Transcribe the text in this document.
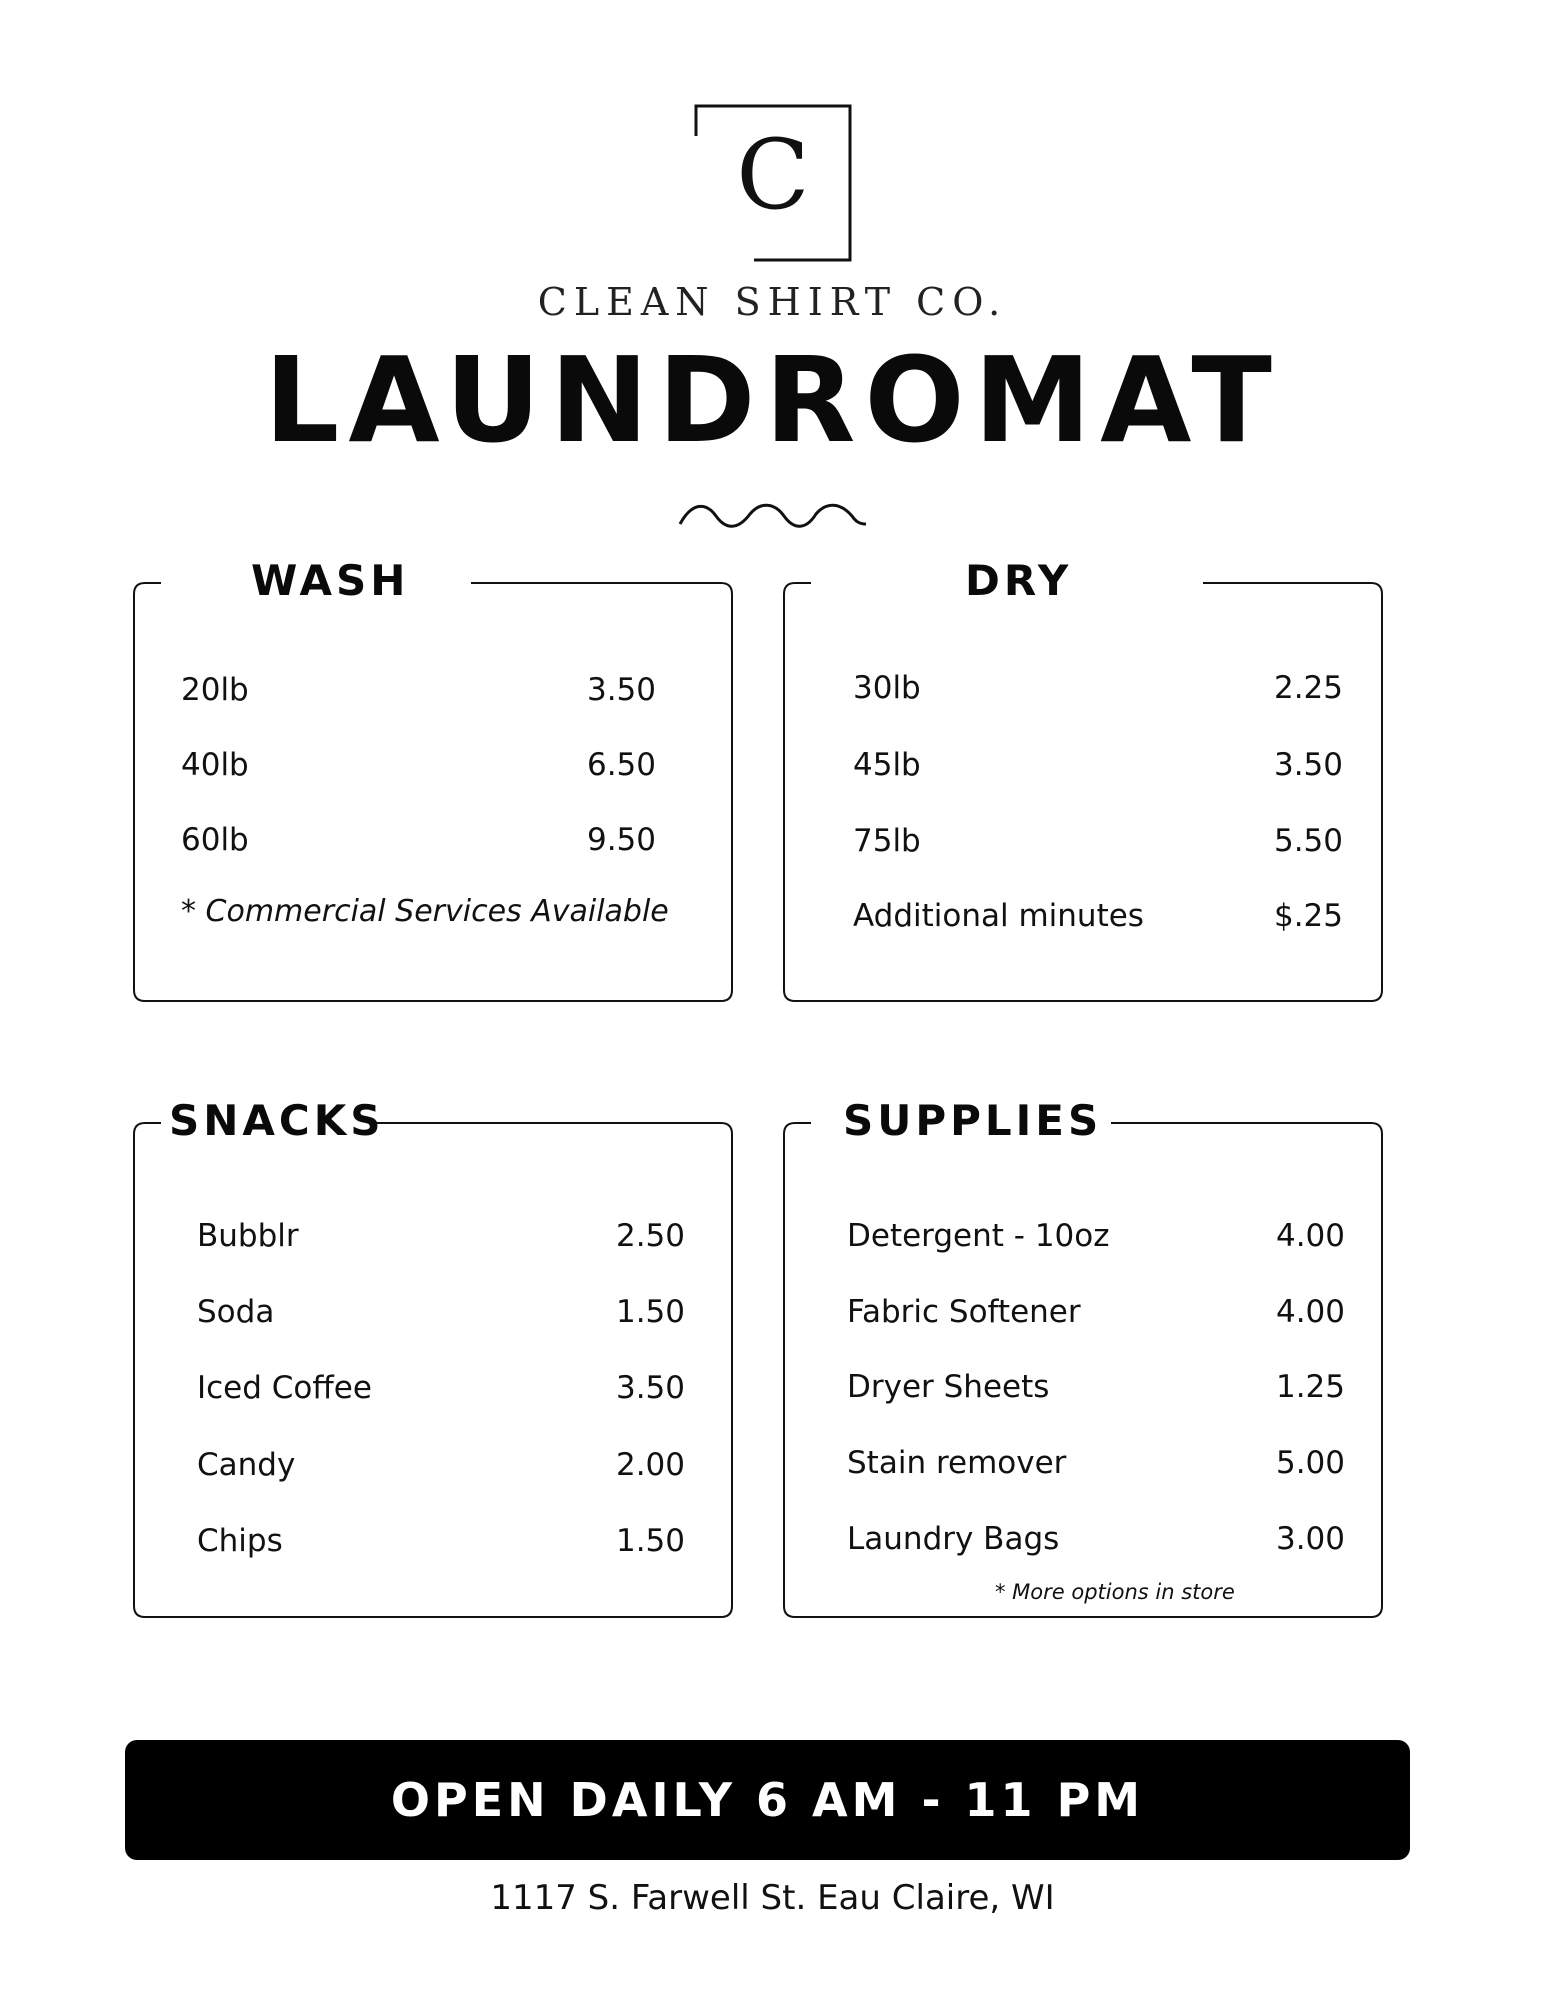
C
CLEAN SHIRT CO.
LAUNDROMAT
WASH
20lb	3.50
40lb	6.50
60lb	9.50
* Commercial Services Available
DRY
30lb	2.25
45lb	3.50
75lb	5.50
Additional minutes	$.25
SNACKS
Bubblr	2.50
Soda	1.50
Iced Coffee	3.50
Candy	2.00
Chips	1.50
SUPPLIES
Detergent - 10oz	4.00
Fabric Softener	4.00
Dryer Sheets	1.25
Stain remover	5.00
Laundry Bags	3.00
* More options in store
OPEN DAILY 6 AM - 11 PM
1117 S. Farwell St. Eau Claire, WI
